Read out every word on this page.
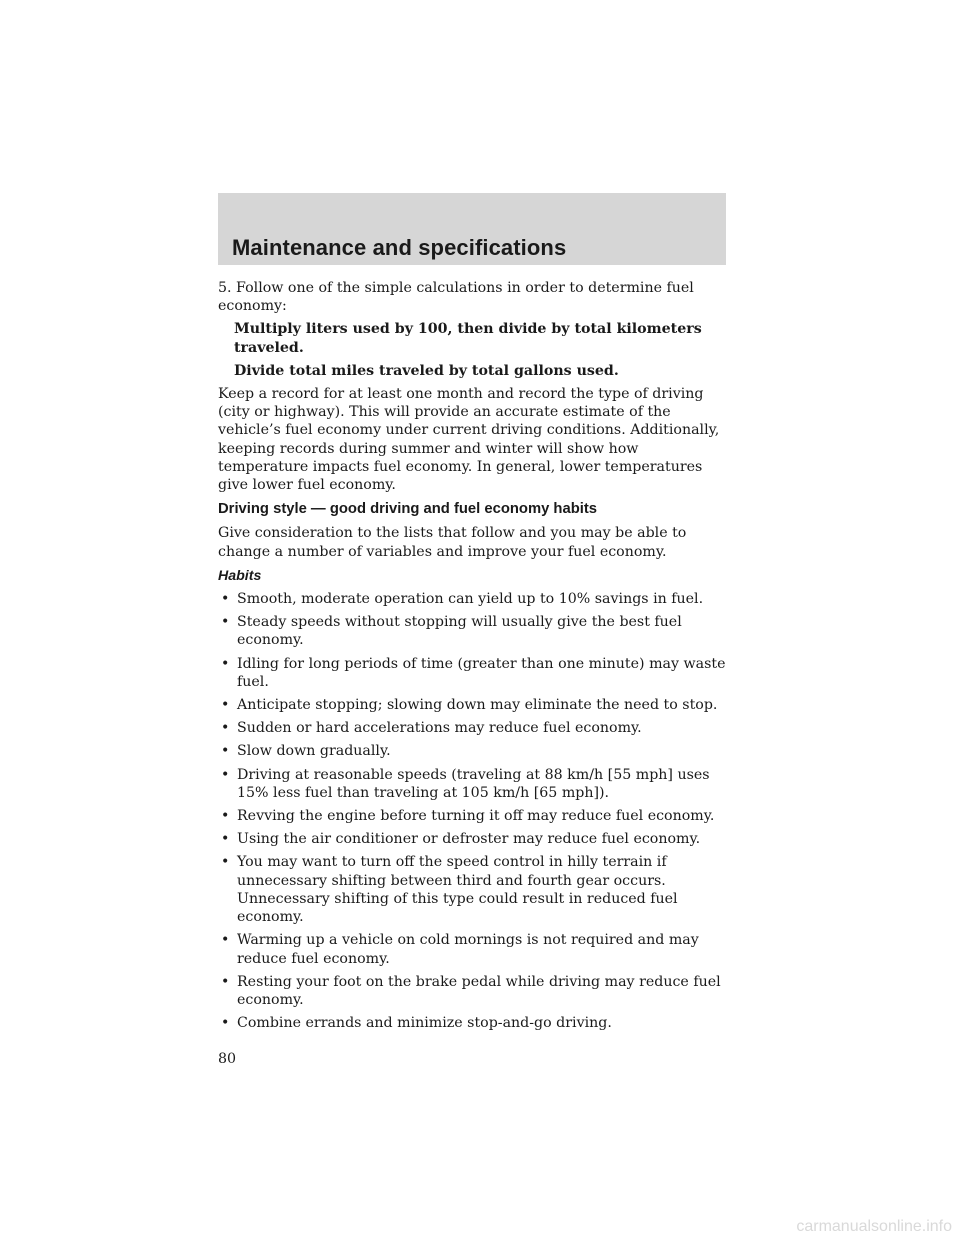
Maintenance and specifications

5. Follow one of the simple calculations in order to determine fuel economy:

Multiply liters used by 100, then divide by total kilometers traveled.

Divide total miles traveled by total gallons used.

Keep a record for at least one month and record the type of driving (city or highway). This will provide an accurate estimate of the vehicle’s fuel economy under current driving conditions. Additionally, keeping records during summer and winter will show how temperature impacts fuel economy. In general, lower temperatures give lower fuel economy.

Driving style — good driving and fuel economy habits

Give consideration to the lists that follow and you may be able to change a number of variables and improve your fuel economy.

Habits
• Smooth, moderate operation can yield up to 10% savings in fuel.
• Steady speeds without stopping will usually give the best fuel economy.
• Idling for long periods of time (greater than one minute) may waste fuel.
• Anticipate stopping; slowing down may eliminate the need to stop.
• Sudden or hard accelerations may reduce fuel economy.
• Slow down gradually.
• Driving at reasonable speeds (traveling at 88 km/h [55 mph] uses 15% less fuel than traveling at 105 km/h [65 mph]).
• Revving the engine before turning it off may reduce fuel economy.
• Using the air conditioner or defroster may reduce fuel economy.
• You may want to turn off the speed control in hilly terrain if unnecessary shifting between third and fourth gear occurs. Unnecessary shifting of this type could result in reduced fuel economy.
• Warming up a vehicle on cold mornings is not required and may reduce fuel economy.
• Resting your foot on the brake pedal while driving may reduce fuel economy.
• Combine errands and minimize stop-and-go driving.
80
carmanualsonline.info
